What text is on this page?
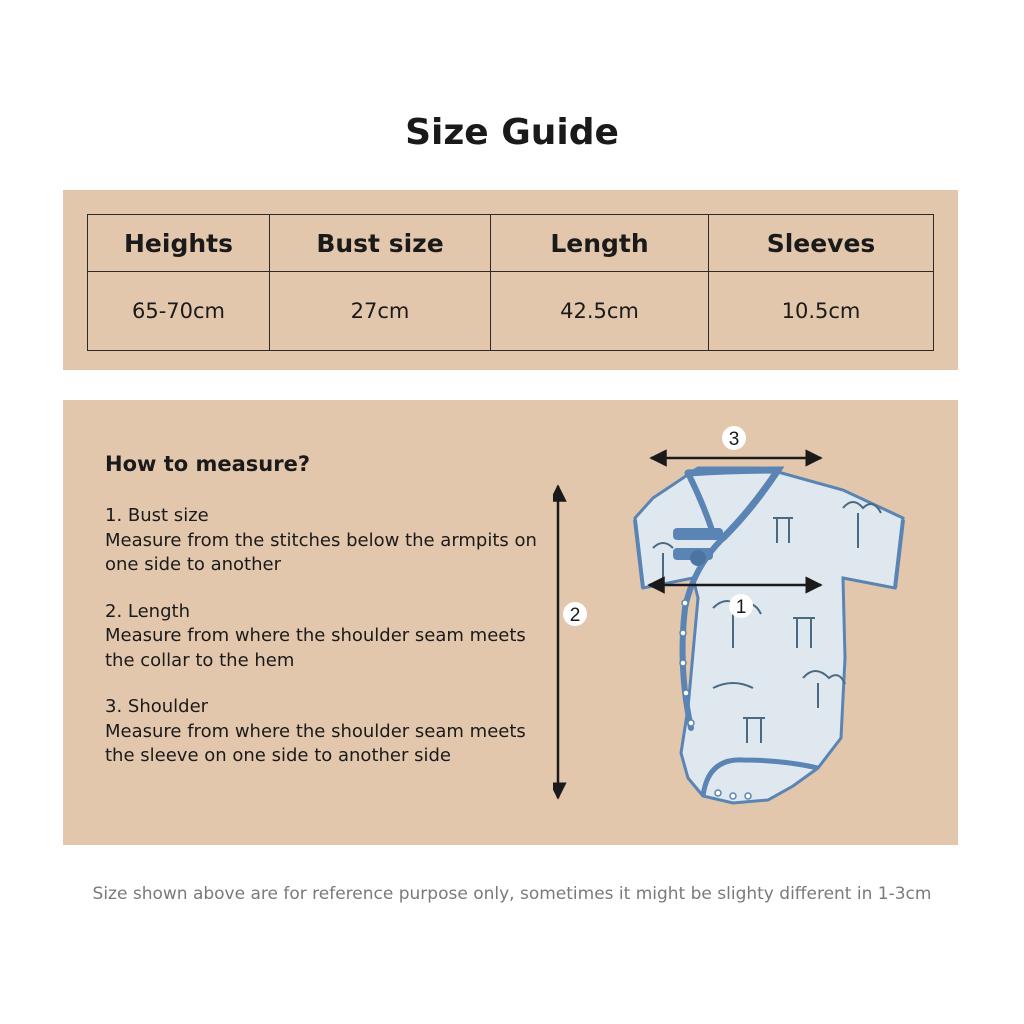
Size Guide
Heights	Bust size	Length	Sleeves
65-70cm	27cm	42.5cm	10.5cm
How to measure?
1. Bust size
Measure from the stitches below the armpits on one side to another
2. Length
Measure from where the shoulder seam meets the collar to the hem
3. Shoulder
Measure from where the shoulder seam meets the sleeve on one side to another side
3
1
2
Size shown above are for reference purpose only, sometimes it might be slighty different in 1-3cm
